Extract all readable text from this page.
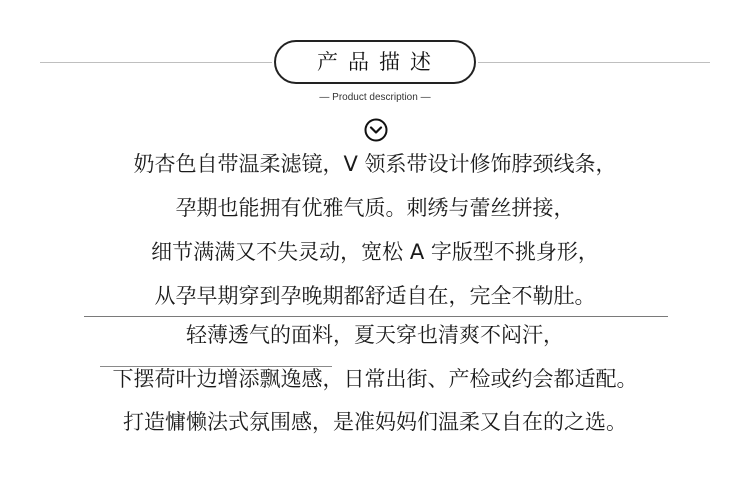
产品描述
— Product description —
奶杏色自带温柔滤镜，V 领系带设计修饰脖颈线条，
孕期也能拥有优雅气质。刺绣与蕾丝拼接，
细节满满又不失灵动，宽松 A 字版型不挑身形，
从孕早期穿到孕晚期都舒适自在，完全不勒肚。
轻薄透气的面料，夏天穿也清爽不闷汗，
下摆荷叶边增添飘逸感，日常出街、产检或约会都适配。
打造慵懒法式氛围感，是准妈妈们温柔又自在的之选。
